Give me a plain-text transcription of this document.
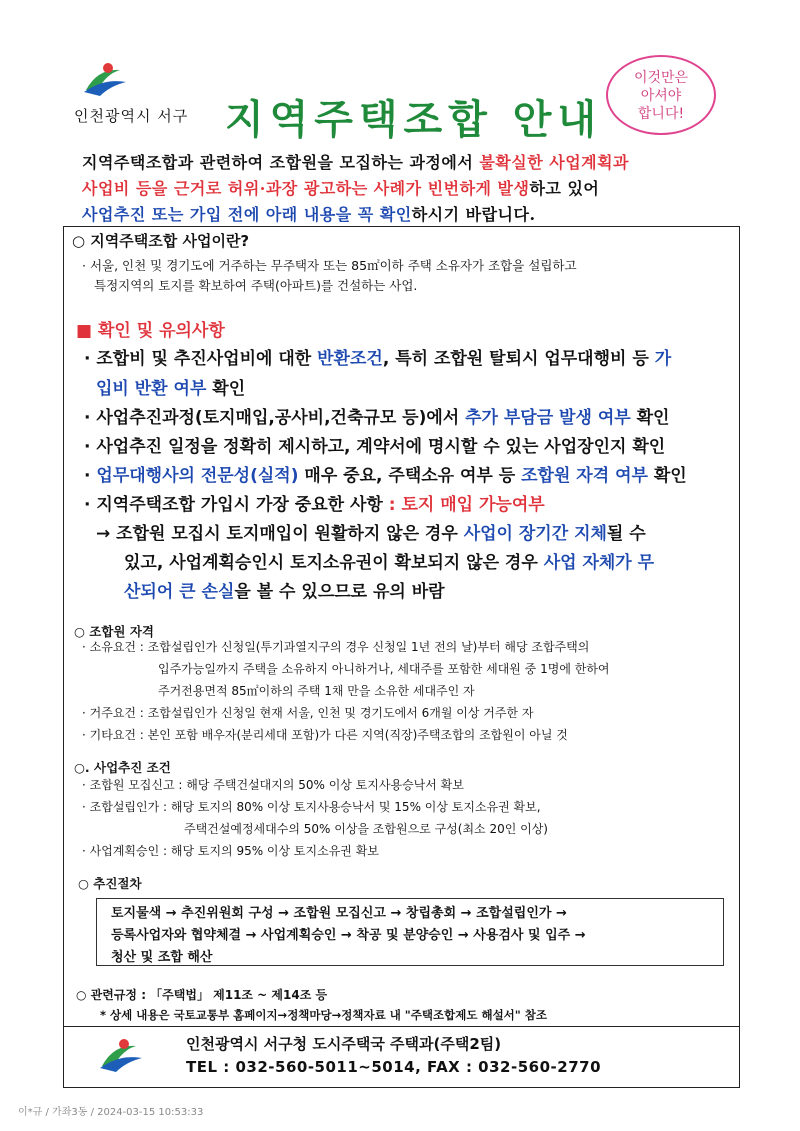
인천광역시 서구 지역주택조합 안내
이것만은
아셔야
합니다!
지역주택조합과 관련하여 조합원을 모집하는 과정에서 불확실한 사업계획과
사업비 등을 근거로 허위·과장 광고하는 사례가 빈번하게 발생하고 있어
사업추진 또는 가입 전에 아래 내용을 꼭 확인하시기 바랍니다.
○ 지역주택조합 사업이란?
· 서울, 인천 및 경기도에 거주하는 무주택자 또는 85㎡이하 주택 소유자가 조합을 설립하고
특정지역의 토지를 확보하여 주택(아파트)를 건설하는 사업.
■ 확인 및 유의사항
· 조합비 및 추진사업비에 대한 반환조건, 특히 조합원 탈퇴시 업무대행비 등 가
입비 반환 여부 확인
· 사업추진과정(토지매입,공사비,건축규모 등)에서 추가 부담금 발생 여부 확인
· 사업추진 일정을 정확히 제시하고, 계약서에 명시할 수 있는 사업장인지 확인
· 업무대행사의 전문성(실적) 매우 중요, 주택소유 여부 등 조합원 자격 여부 확인
· 지역주택조합 가입시 가장 중요한 사항 : 토지 매입 가능여부
→ 조합원 모집시 토지매입이 원활하지 않은 경우 사업이 장기간 지체될 수
있고, 사업계획승인시 토지소유권이 확보되지 않은 경우 사업 자체가 무
산되어 큰 손실을 볼 수 있으므로 유의 바람
○ 조합원 자격
· 소유요건 : 조합설립인가 신청일(투기과열지구의 경우 신청일 1년 전의 날)부터 해당 조합주택의
입주가능일까지 주택을 소유하지 아니하거나, 세대주를 포함한 세대원 중 1명에 한하여
주거전용면적 85㎡이하의 주택 1채 만을 소유한 세대주인 자
· 거주요건 : 조합설립인가 신청일 현재 서울, 인천 및 경기도에서 6개월 이상 거주한 자
· 기타요건 : 본인 포함 배우자(분리세대 포함)가 다른 지역(직장)주택조합의 조합원이 아닐 것
○. 사업추진 조건
· 조합원 모집신고 : 해당 주택건설대지의 50% 이상 토지사용승낙서 확보
· 조합설립인가 : 해당 토지의 80% 이상 토지사용승낙서 및 15% 이상 토지소유권 확보,
주택건설예정세대수의 50% 이상을 조합원으로 구성(최소 20인 이상)
· 사업계획승인 : 해당 토지의 95% 이상 토지소유권 확보
○ 추진절차
토지물색 → 추진위원회 구성 → 조합원 모집신고 → 창립총회 → 조합설립인가 →
등록사업자와 협약체결 → 사업계획승인 → 착공 및 분양승인 → 사용검사 및 입주 →
청산 및 조합 해산
○ 관련규정 : 「주택법」 제11조 ~ 제14조 등
* 상세 내용은 국토교통부 홈페이지→정책마당→정책자료 내 "주택조합제도 해설서" 참조
인천광역시 서구청 도시주택국 주택과(주택2팀)
TEL : 032-560-5011~5014, FAX : 032-560-2770
이*규 / 가좌3동 / 2024-03-15 10:53:33
